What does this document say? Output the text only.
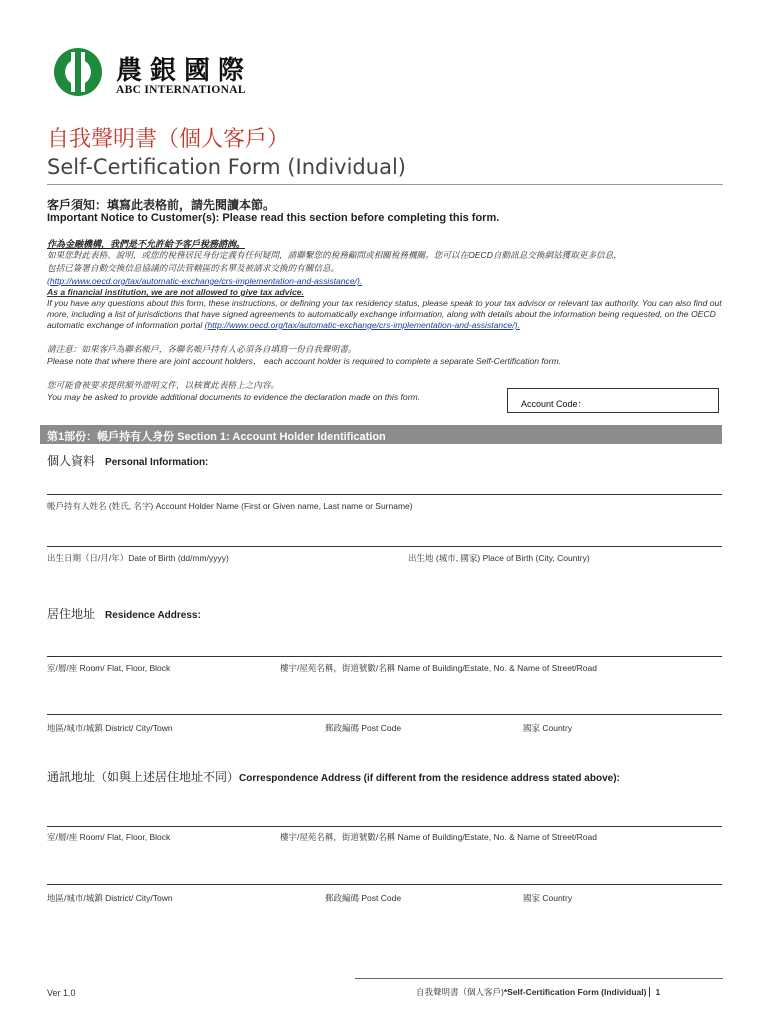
農銀國際
ABC INTERNATIONAL
自我聲明書（個人客戶）
Self-Certification Form (Individual)
客戶須知：填寫此表格前，請先閱讀本節。
Important Notice to Customer(s): Please read this section before completing this form.
作為金融機構，我們是不允許給予客戶稅務諮詢。
如果您對此表格、說明，或您的稅務居民身份定義有任何疑問，請聯繫您的稅務顧問或相關稅務機關。您可以在OECD自動訊息交換網站獲取更多信息，
包括已簽署自動交換信息協議的司法管轄區的名單及被請求交換的有關信息。
(http://www.oecd.org/tax/automatic-exchange/crs-implementation-and-assistance/).
As a financial institution, we are not allowed to give tax advice.
If you have any questions about this form, these instructions, or defining your tax residency status, please speak to your tax advisor or relevant tax authority. You can also find out
more, including a list of jurisdictions that have signed agreements to automatically exchange information, along with details about the information being requested, on the OECD
automatic exchange of information portal (http://www.oecd.org/tax/automatic-exchange/crs-implementation-and-assistance/).
請注意：如果客戶為聯名帳戶，各聯名帳戶持有人必須各自填寫一份自我聲明書。
Please note that where there are joint account holders， each account holder is required to complete a separate Self-Certification form.
您可能會被要求提供額外證明文件，以核實此表格上之內容。
You may be asked to provide additional documents to evidence the declaration made on this form.
Account Code：
第1部份：帳戶持有人身份 Section 1: Account Holder Identification
個人資料 Personal Information:
帳戶持有人姓名 (姓氏, 名字) Account Holder Name (First or Given name, Last name or Surname)
出生日期（日/月/年）Date of Birth (dd/mm/yyyy)	出生地 (城市, 國家) Place of Birth (City, Country)
居住地址 Residence Address:
室/層/座 Room/ Flat, Floor, Block	樓宇/屋苑名稱，街道號數/名稱 Name of Building/Estate, No. & Name of Street/Road
地區/城市/城鎮 District/ City/Town	郵政編碼 Post Code	國家 Country
通訊地址（如與上述居住地址不同）Correspondence Address (if different from the residence address stated above):
室/層/座 Room/ Flat, Floor, Block	樓宇/屋苑名稱，街道號數/名稱 Name of Building/Estate, No. & Name of Street/Road
地區/城市/城鎮 District/ City/Town	郵政編碼 Post Code	國家 Country
Ver 1.0	自我聲明書（個人客戶)*Self-Certification Form (Individual) 1
